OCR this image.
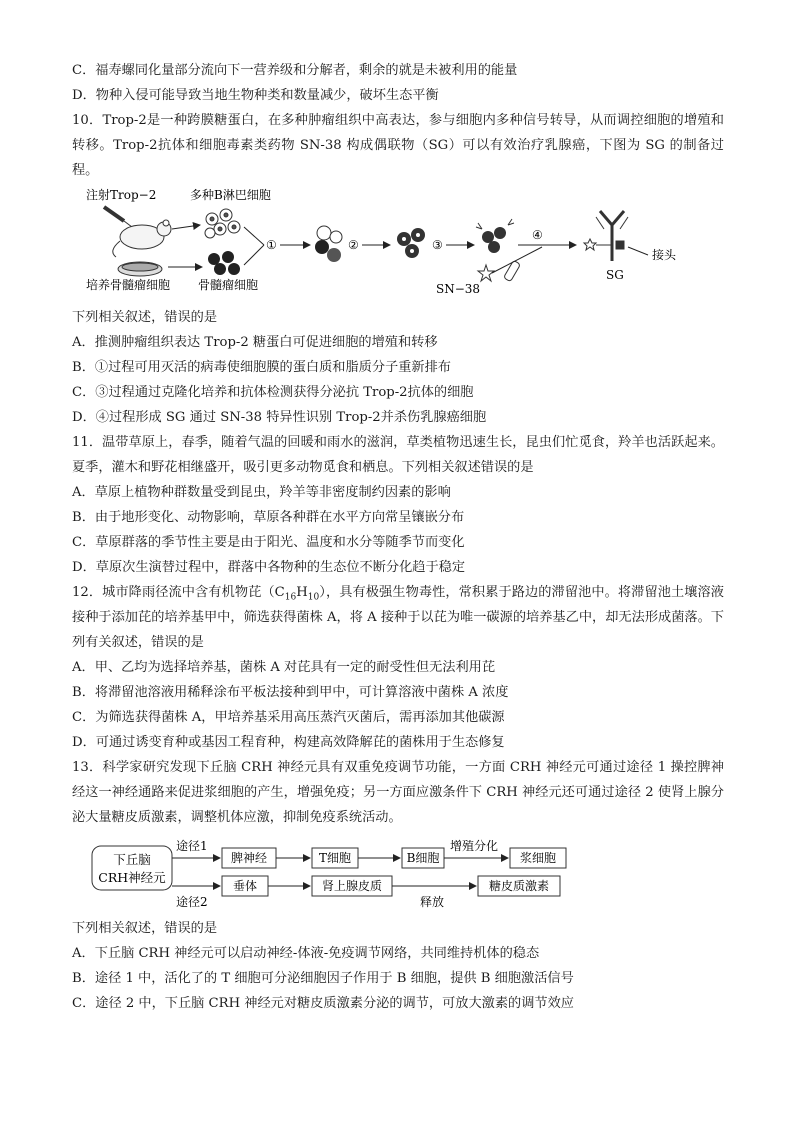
C．福寿螺同化量部分流向下一营养级和分解者，剩余的就是未被利用的能量
D．物种入侵可能导致当地生物种类和数量减少，破坏生态平衡
10．Trop-2是一种跨膜糖蛋白，在多种肿瘤组织中高表达，参与细胞内多种信号转导，从而调控细胞的增殖和转移。Trop-2抗体和细胞毒素类药物 SN-38 构成偶联物（SG）可以有效治疗乳腺癌，下图为 SG 的制备过程。
注射Trop−2	多种B淋巴细胞
培养骨髓瘤细胞 骨髓瘤细胞
①	②	③
④
SN−38
接头
SG
下列相关叙述，错误的是
A．推测肿瘤组织表达 Trop-2 糖蛋白可促进细胞的增殖和转移
B．①过程可用灭活的病毒使细胞膜的蛋白质和脂质分子重新排布
C．③过程通过克隆化培养和抗体检测获得分泌抗 Trop-2抗体的细胞
D．④过程形成 SG 通过 SN-38 特异性识别 Trop-2并杀伤乳腺癌细胞
11．温带草原上，春季，随着气温的回暖和雨水的滋润，草类植物迅速生长，昆虫们忙觅食，羚羊也活跃起来。夏季，灌木和野花相继盛开，吸引更多动物觅食和栖息。下列相关叙述错误的是
A．草原上植物种群数量受到昆虫，羚羊等非密度制约因素的影响
B．由于地形变化、动物影响，草原各种群在水平方向常呈镶嵌分布
C．草原群落的季节性主要是由于阳光、温度和水分等随季节而变化
D．草原次生演替过程中，群落中各物种的生态位不断分化趋于稳定
12．城市降雨径流中含有机物芘$(C_{16}H_{10})$，具有极强生物毒性，常积累于路边的滞留池中。将滞留池土壤溶液接种于添加芘的培养基甲中，筛选获得菌株 A，将 A 接种于以芘为唯一碳源的培养基乙中，却无法形成菌落。下列有关叙述，错误的是
A．甲、乙均为选择培养基，菌株 A 对芘具有一定的耐受性但无法利用芘
B．将滞留池溶液用稀释涂布平板法接种到甲中，可计算溶液中菌株 A 浓度
C．为筛选获得菌株 A，甲培养基采用高压蒸汽灭菌后，需再添加其他碳源
D．可通过诱变育种或基因工程育种，构建高效降解芘的菌株用于生态修复
13．科学家研究发现下丘脑 CRH 神经元具有双重免疫调节功能，一方面 CRH 神经元可通过途径 1 操控脾神经这一神经通路来促进浆细胞的产生，增强免疫；另一方面应激条件下 CRH 神经元还可通过途径 2 使肾上腺分泌大量糖皮质激素，调整机体应激，抑制免疫系统活动。
下丘脑
CRH神经元
途径1
脾神经	T细胞	B细胞
增殖分化
浆细胞
途径2
垂体	肾上腺皮质
释放
糖皮质激素
下列相关叙述，错误的是
A．下丘脑 CRH 神经元可以启动神经-体液-免疫调节网络，共同维持机体的稳态
B．途径 1 中，活化了的 T 细胞可分泌细胞因子作用于 B 细胞，提供 B 细胞激活信号
C．途径 2 中，下丘脑 CRH 神经元对糖皮质激素分泌的调节，可放大激素的调节效应
